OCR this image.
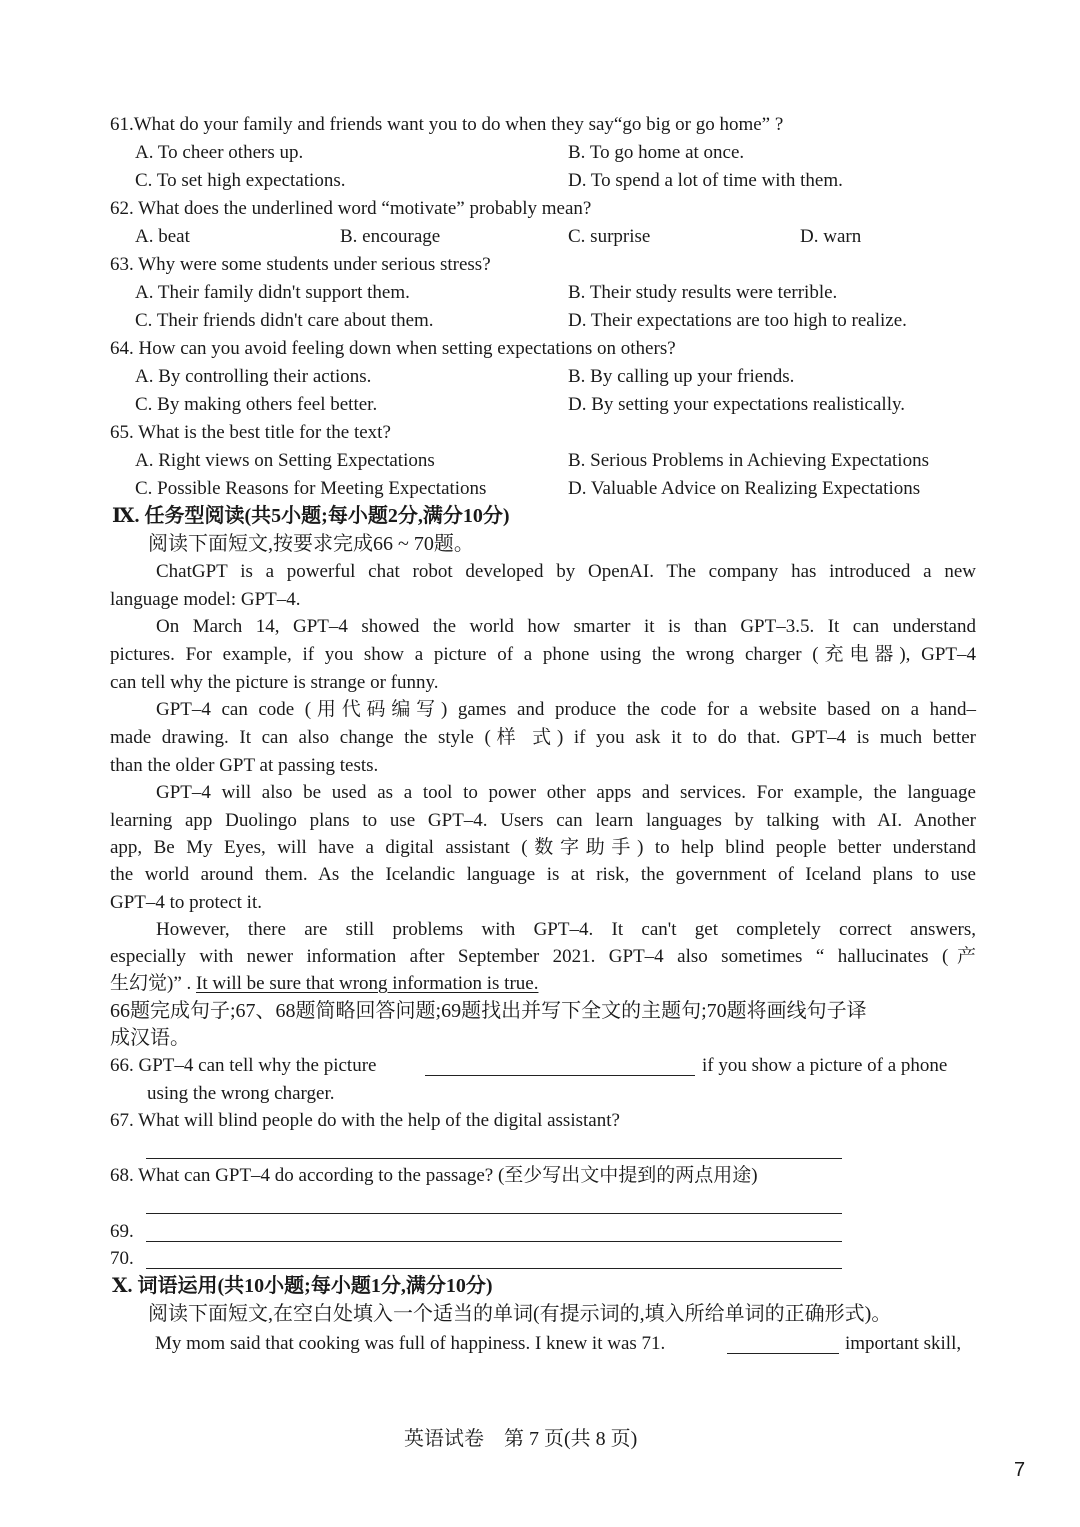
61.What do your family and friends want you to do when they say“go big or go home” ?
A. To cheer others up.	B. To go home at once.
C. To set high expectations.	D. To spend a lot of time with them.
62. What does the underlined word “motivate” probably mean?
A. beat	B. encourage	C. surprise	D. warn
63. Why were some students under serious stress?
A. Their family didn't support them.	B. Their study results were terrible.
C. Their friends didn't care about them.	D. Their expectations are too high to realize.
64. How can you avoid feeling down when setting expectations on others?
A. By controlling their actions.	B. By calling up your friends.
C. By making others feel better.	D. By setting your expectations realistically.
65. What is the best title for the text?
A. Right views on Setting Expectations	B. Serious Problems in Achieving Expectations
C. Possible Reasons for Meeting Expectations	D. Valuable Advice on Realizing Expectations
Ⅸ. 任务型阅读(共5小题;每小题2分,满分10分)
阅读下面短文,按要求完成66 ~ 70题。
ChatGPT is a powerful chat robot developed by OpenAI. The company has introduced a new
language model: GPT–4.
On March 14, GPT–4 showed the world how smarter it is than GPT–3.5. It can understand
pictures. For example, if you show a picture of a phone using the wrong charger (充电器), GPT–4
can tell why the picture is strange or funny.
GPT–4 can code (用代码编写) games and produce the code for a website based on a hand–
made drawing. It can also change the style (样 式) if you ask it to do that. GPT–4 is much better
than the older GPT at passing tests.
GPT–4 will also be used as a tool to power other apps and services. For example, the language
learning app Duolingo plans to use GPT–4. Users can learn languages by talking with AI. Another
app, Be My Eyes, will have a digital assistant (数字助手) to help blind people better understand
the world around them. As the Icelandic language is at risk, the government of Iceland plans to use
GPT–4 to protect it.
However, there are still problems with GPT–4. It can't get completely correct answers,
especially with newer information after September 2021. GPT–4 also sometimes “ hallucinates (产
生幻觉)” . It will be sure that wrong information is true.
66题完成句子;67、68题简略回答问题;69题找出并写下全文的主题句;70题将画线句子译
成汉语。
66. GPT–4 can tell why the picture	if you show a picture of a phone
using the wrong charger.
67. What will blind people do with the help of the digital assistant?
68. What can GPT–4 do according to the passage? (至少写出文中提到的两点用途)
69.
70.
Ⅹ. 词语运用(共10小题;每小题1分,满分10分)
阅读下面短文,在空白处填入一个适当的单词(有提示词的,填入所给单词的正确形式)。
My mom said that cooking was full of happiness. I knew it was 71.	important skill,
英语试卷　第 7 页(共 8 页)
7
